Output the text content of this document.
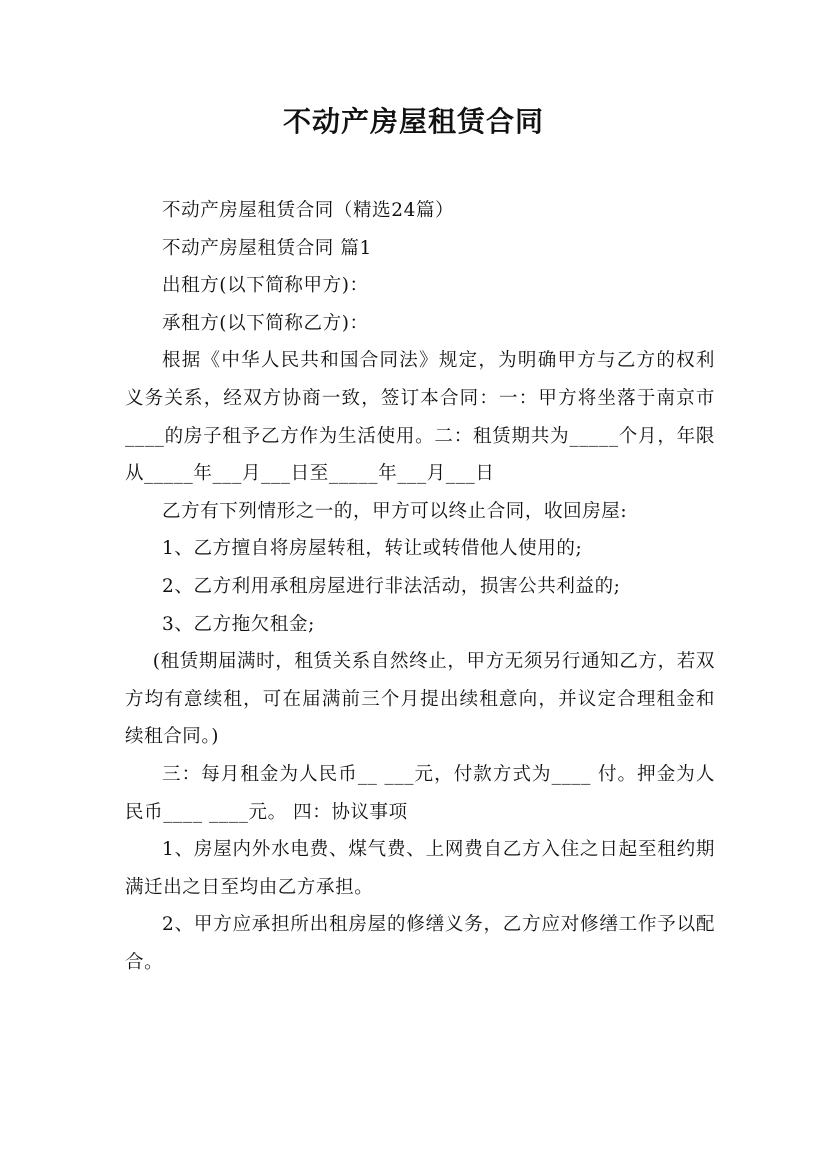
不动产房屋租赁合同

不动产房屋租赁合同（精选24篇）

不动产房屋租赁合同 篇1

出租方(以下简称甲方)：

承租方(以下简称乙方)：

根据《中华人民共和国合同法》规定，为明确甲方与乙方的权利义务关系，经双方协商一致，签订本合同：一：甲方将坐落于南京市____的房子租予乙方作为生活使用。二：租赁期共为_____个月，年限从_____年___月___日至_____年___月___日

乙方有下列情形之一的，甲方可以终止合同，收回房屋:

1、乙方擅自将房屋转租，转让或转借他人使用的;

2、乙方利用承租房屋进行非法活动，损害公共利益的;

3、乙方拖欠租金;

(租赁期届满时，租赁关系自然终止，甲方无须另行通知乙方，若双方均有意续租，可在届满前三个月提出续租意向，并议定合理租金和续租合同。)

三：每月租金为人民币__ ___元，付款方式为____ 付。押金为人民币____ ____元。 四：协议事项

1、房屋内外水电费、煤气费、上网费自乙方入住之日起至租约期满迁出之日至均由乙方承担。

2、甲方应承担所出租房屋的修缮义务，乙方应对修缮工作予以配合。
